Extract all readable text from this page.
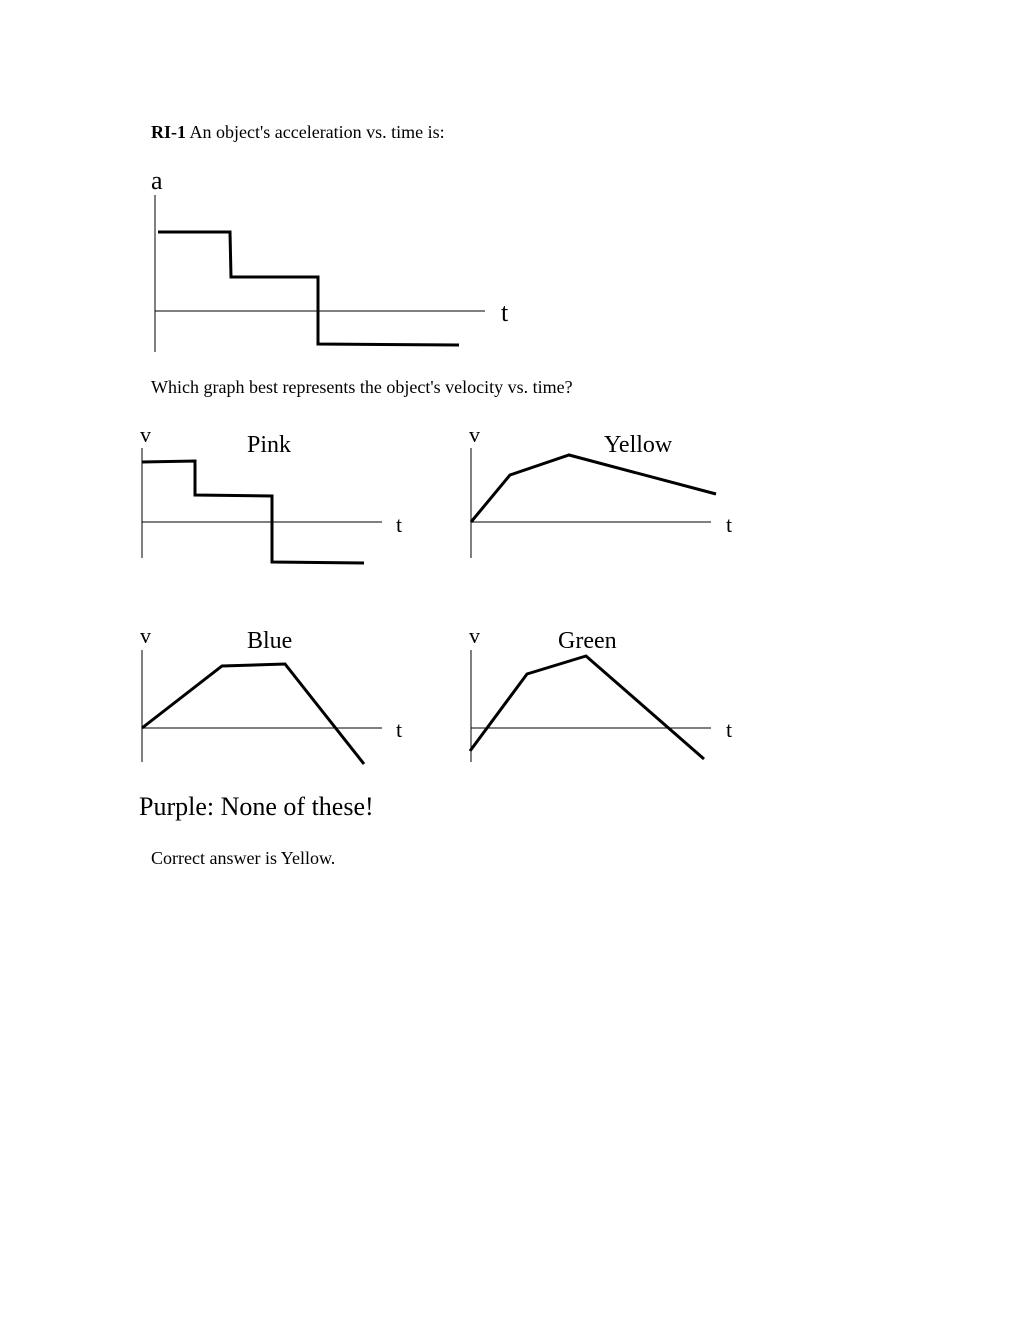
RI-1 An object's acceleration vs. time is:
a
t
v	Pink
t
v	Yellow
t
v	Blue
t
v	Green
t
Which graph best represents the object's velocity vs. time?
Purple: None of these!
Correct answer is Yellow.
